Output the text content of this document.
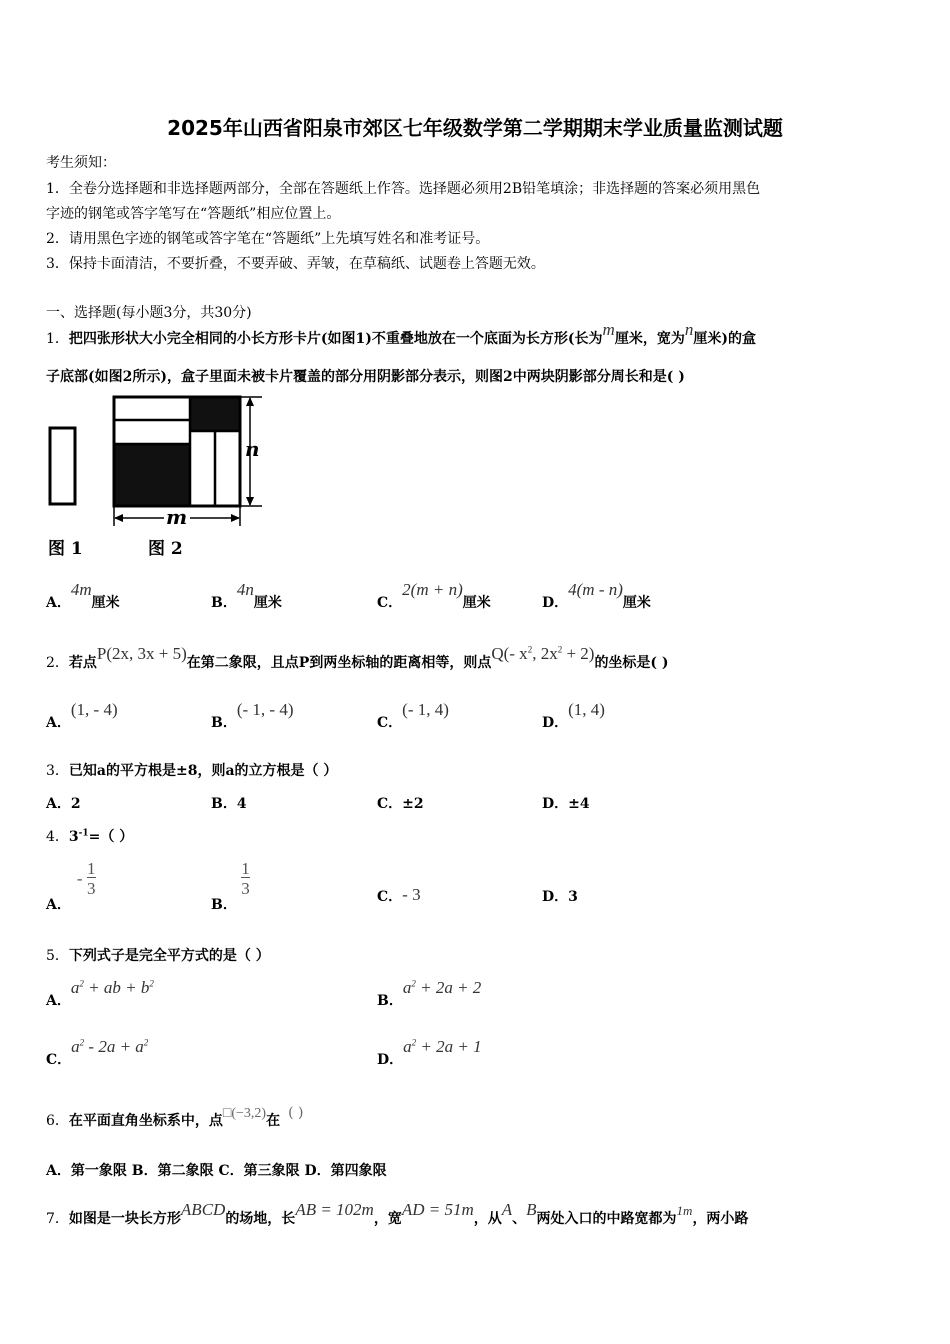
2025年山西省阳泉市郊区七年级数学第二学期期末学业质量监测试题
考生须知：
1．全卷分选择题和非选择题两部分，全部在答题纸上作答。选择题必须用2B铅笔填涂；非选择题的答案必须用黑色
字迹的钢笔或答字笔写在“答题纸”相应位置上。
2．请用黑色字迹的钢笔或答字笔在“答题纸”上先填写姓名和准考证号。
3．保持卡面清洁，不要折叠，不要弄破、弄皱，在草稿纸、试题卷上答题无效。
一、选择题(每小题3分，共30分)
1．把四张形状大小完全相同的小长方形卡片(如图1)不重叠地放在一个底面为长方形(长为m厘米，宽为n厘米)的盒
子底部(如图2所示)，盒子里面未被卡片覆盖的部分用阴影部分表示，则图2中两块阴影部分周长和是( )
n
m
图 1	图 2
A．4m厘米	B．4n厘米	C．2(m + n)厘米	D．4(m - n)厘米
2．若点P(2x, 3x + 5)在第二象限，且点P到两坐标轴的距离相等，则点Q(- $x^2$, $2x^2 + 2$)的坐标是( )
A．(1, - 4)
B．(- 1, - 4)
C．(- 1, 4)
D．(1, 4)
3．已知a的平方根是±8，则a的立方根是（ ）
A．2	B．4	C．±2	D．±4
4．$3^{-1}=$（ ）
A．- $\frac{1}{3}$
B．
$\frac{1}{3}$	C．- 3	D．3
5．下列式子是完全平方式的是（ ）
A．$a^2$ + ab + $b^2$
B．$a^2 + 2a + 2$
C．$a^2 - 2a + a^2$
D．$a^2 + 2a + 1$
6．在平面直角坐标系中，点□(−3,2)在 ( )
A．第一象限 B．第二象限 C．第三象限 D．第四象限
7．如图是一块长方形ABCD的场地，长AB = 102m，宽AD = 51m，从A、B两处入口的中路宽都为1m，两小路
